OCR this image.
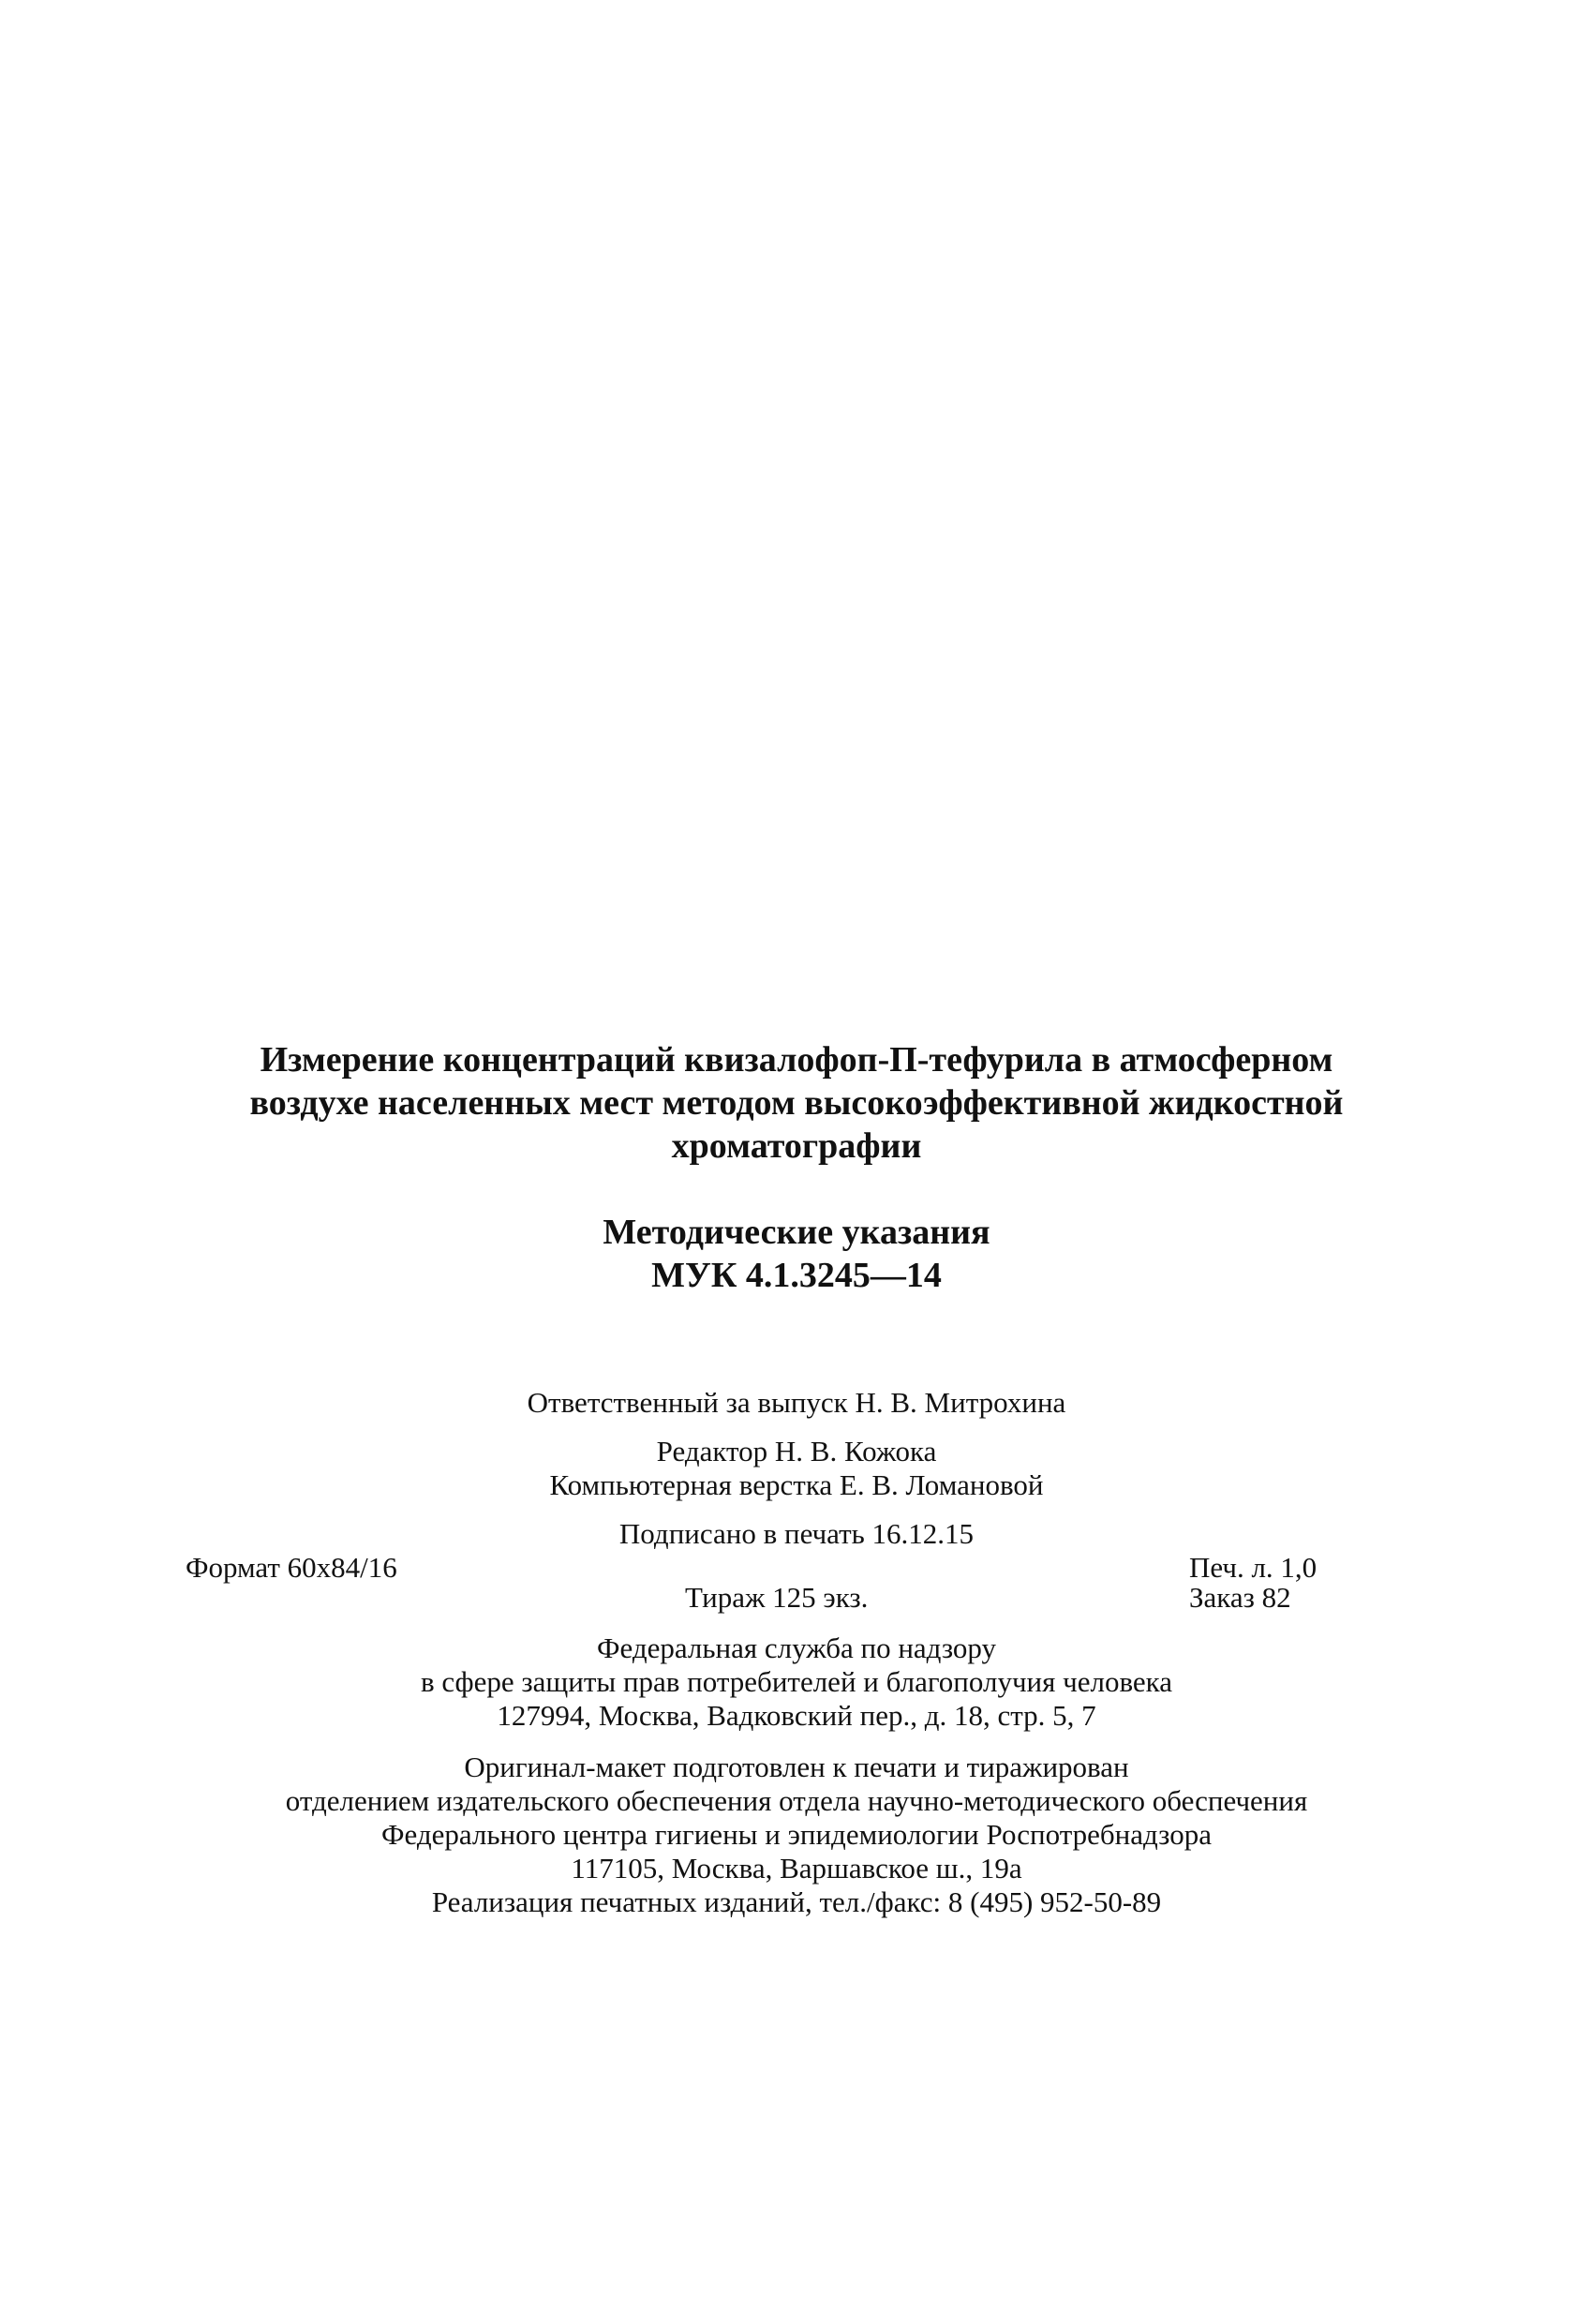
Измерение концентраций квизалофоп-П-тефурила в атмосферном
воздухе населенных мест методом высокоэффективной жидкостной
хроматографии
Методические указания
МУК 4.1.3245—14
Ответственный за выпуск Н. В. Митрохина
Редактор Н. В. Кожока
Компьютерная верстка Е. В. Ломановой
Подписано в печать 16.12.15
Формат 60x84/16	Печ. л. 1,0
Тираж 125 экз.	Заказ 82
Федеральная служба по надзору
в сфере защиты прав потребителей и благополучия человека
127994, Москва, Вадковский пер., д. 18, стр. 5, 7
Оригинал-макет подготовлен к печати и тиражирован
отделением издательского обеспечения отдела научно-методического обеспечения
Федерального центра гигиены и эпидемиологии Роспотребнадзора
117105, Москва, Варшавское ш., 19а
Реализация печатных изданий, тел./факс: 8 (495) 952-50-89
